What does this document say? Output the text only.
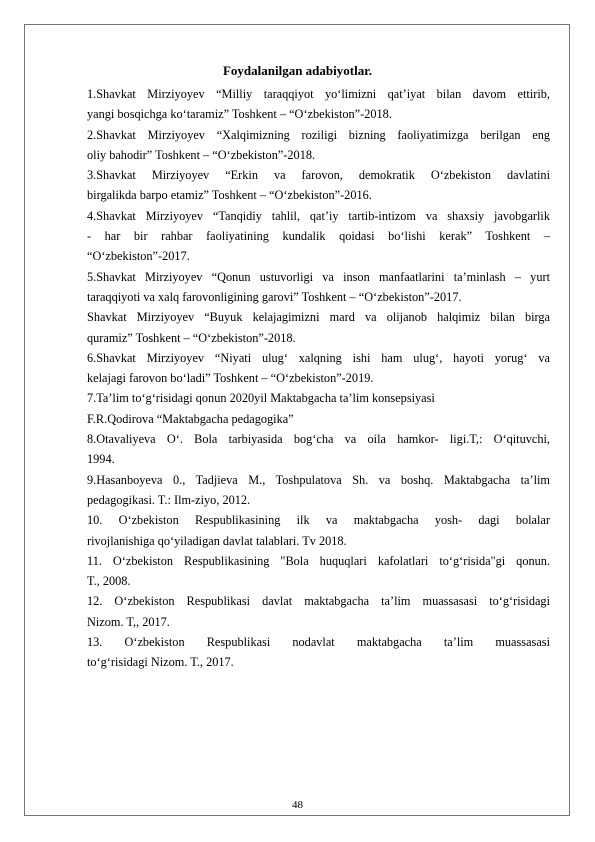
Foydalanilgan adabiyotlar.
1.Shavkat Mirziyoyev “Milliy taraqqiyot yo‘limizni qat’iyat bilan davom ettirib,
yangi bosqichga ko‘taramiz” Toshkent – “O‘zbekiston”-2018.
2.Shavkat Mirziyoyev “Xalqimizning roziligi bizning faoliyatimizga berilgan eng
oliy bahodir” Toshkent – “O‘zbekiston”-2018.
3.Shavkat Mirziyoyev “Erkin va farovon, demokratik O‘zbekiston davlatini
birgalikda barpo etamiz” Toshkent – “O‘zbekiston”-2016.
4.Shavkat Mirziyoyev “Tanqidiy tahlil, qat’iy tartib-intizom va shaxsiy javobgarlik
- har bir rahbar faoliyatining kundalik qoidasi bo‘lishi kerak” Toshkent –
“O‘zbekiston”-2017.
5.Shavkat Mirziyoyev “Qonun ustuvorligi va inson manfaatlarini ta’minlash – yurt
taraqqiyoti va xalq farovonligining garovi” Toshkent – “O‘zbekiston”-2017.
Shavkat Mirziyoyev “Buyuk kelajagimizni mard va olijanob halqimiz bilan birga
quramiz” Toshkent – “O‘zbekiston”-2018.
6.Shavkat Mirziyoyev “Niyati ulug‘ xalqning ishi ham ulug‘, hayoti yorug‘ va
kelajagi farovon bo‘ladi” Toshkent – “O‘zbekiston”-2019.
7.Ta’lim to‘g‘risidagi qonun 2020yil Maktabgacha ta’lim konsepsiyasi
F.R.Qodirova “Maktabgacha pedagogika”
8.Otavaliyeva O‘. Bola tarbiyasida bog‘cha va oila hamkor- ligi.T,: O‘qituvchi,
1994.
9.Hasanboyeva 0., Tadjieva M., Toshpulatova Sh. va boshq. Maktabgacha ta’lim
pedagogikasi. T.: Ilm-ziyo, 2012.
10. O‘zbekiston Respublikasining ilk va maktabgacha yosh- dagi bolalar
rivojlanishiga qo‘yiladigan davlat talablari. Tv 2018.
11. O‘zbekiston Respublikasining "Bola huquqlari kafolatlari to‘g‘risida"gi qonun.
T., 2008.
12. O‘zbekiston Respublikasi davlat maktabgacha ta’lim muassasasi to‘g‘risidagi
Nizom. T,, 2017.
13. O‘zbekiston Respublikasi nodavlat maktabgacha ta’lim muassasasi
to‘g‘risidagi Nizom. T., 2017.
48
